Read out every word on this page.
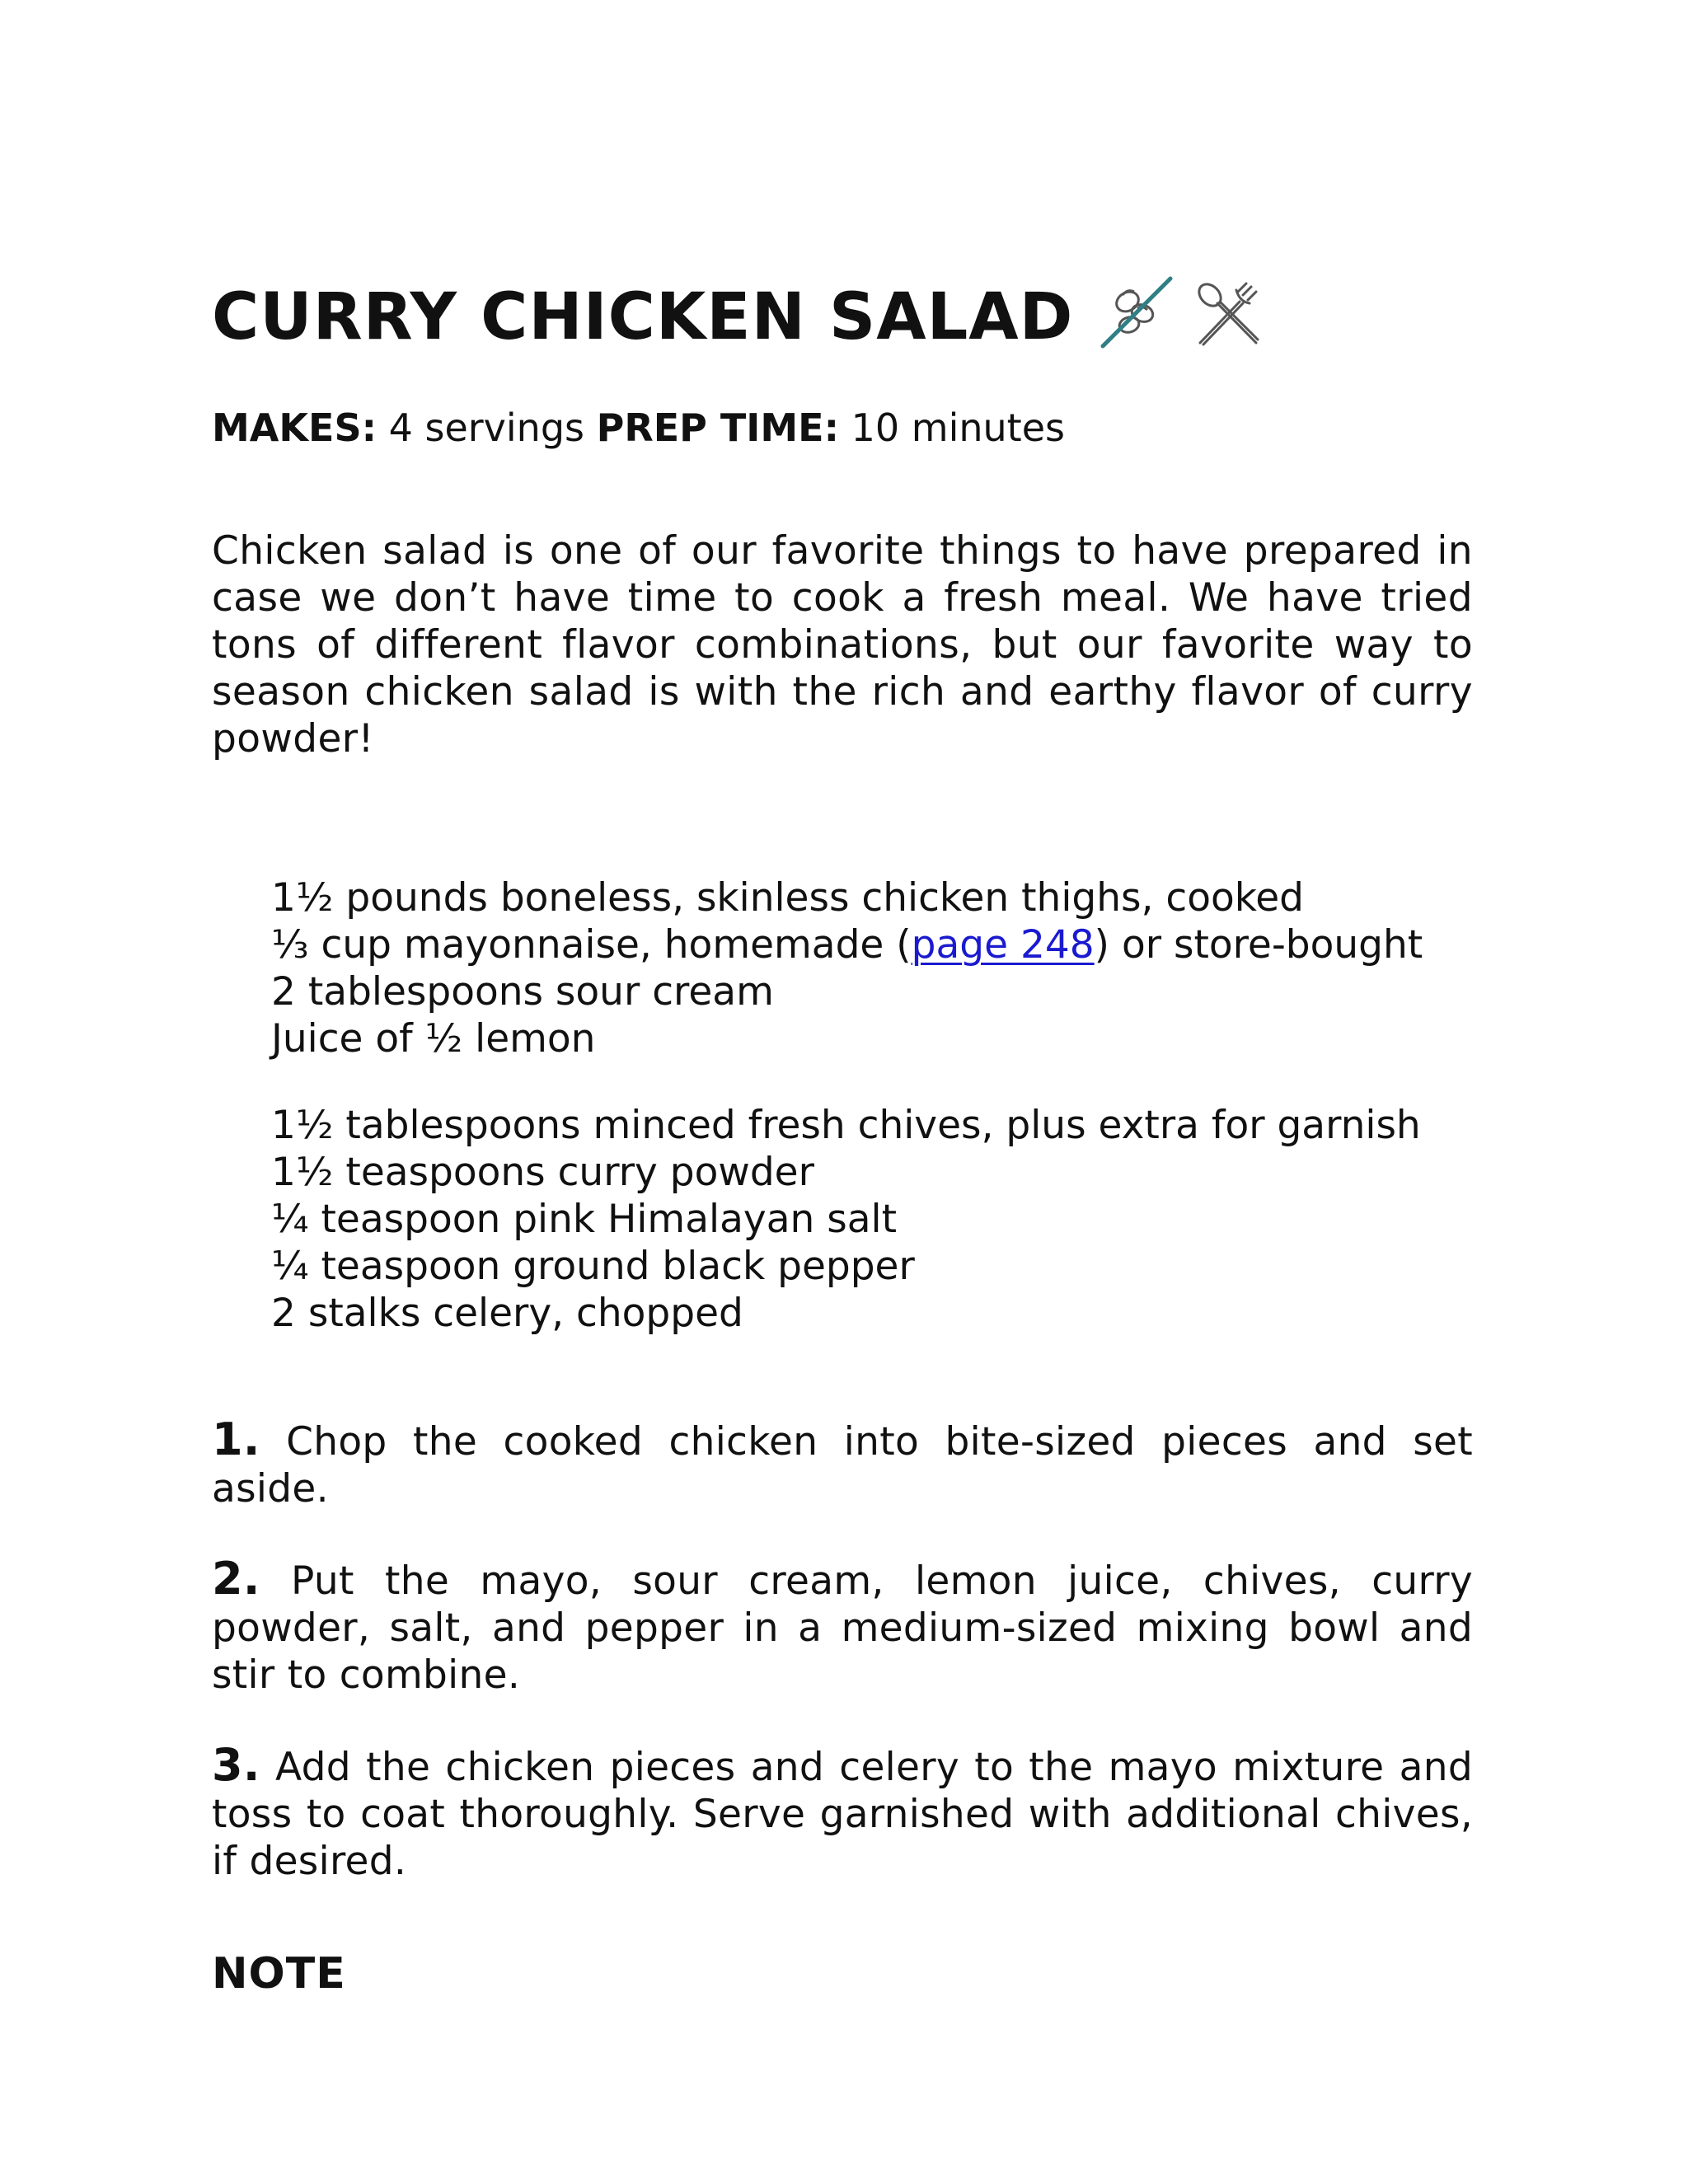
CURRY CHICKEN SALAD
MAKES: 4 servings PREP TIME: 10 minutes

Chicken salad is one of our favorite things to have prepared in case we don’t have time to cook a fresh meal. We have tried tons of different flavor combinations, but our favorite way to season chicken salad is with the rich and earthy flavor of curry powder!

1½ pounds boneless, skinless chicken thighs, cooked
⅓ cup mayonnaise, homemade (page 248) or store-bought
2 tablespoons sour cream
Juice of ½ lemon
1½ tablespoons minced fresh chives, plus extra for garnish
1½ teaspoons curry powder
¼ teaspoon pink Himalayan salt
¼ teaspoon ground black pepper
2 stalks celery, chopped

1. Chop the cooked chicken into bite-sized pieces and set aside.

2. Put the mayo, sour cream, lemon juice, chives, curry powder, salt, and pepper in a medium-sized mixing bowl and stir to combine.

3. Add the chicken pieces and celery to the mayo mixture and toss to coat thoroughly. Serve garnished with additional chives, if desired.

NOTE
